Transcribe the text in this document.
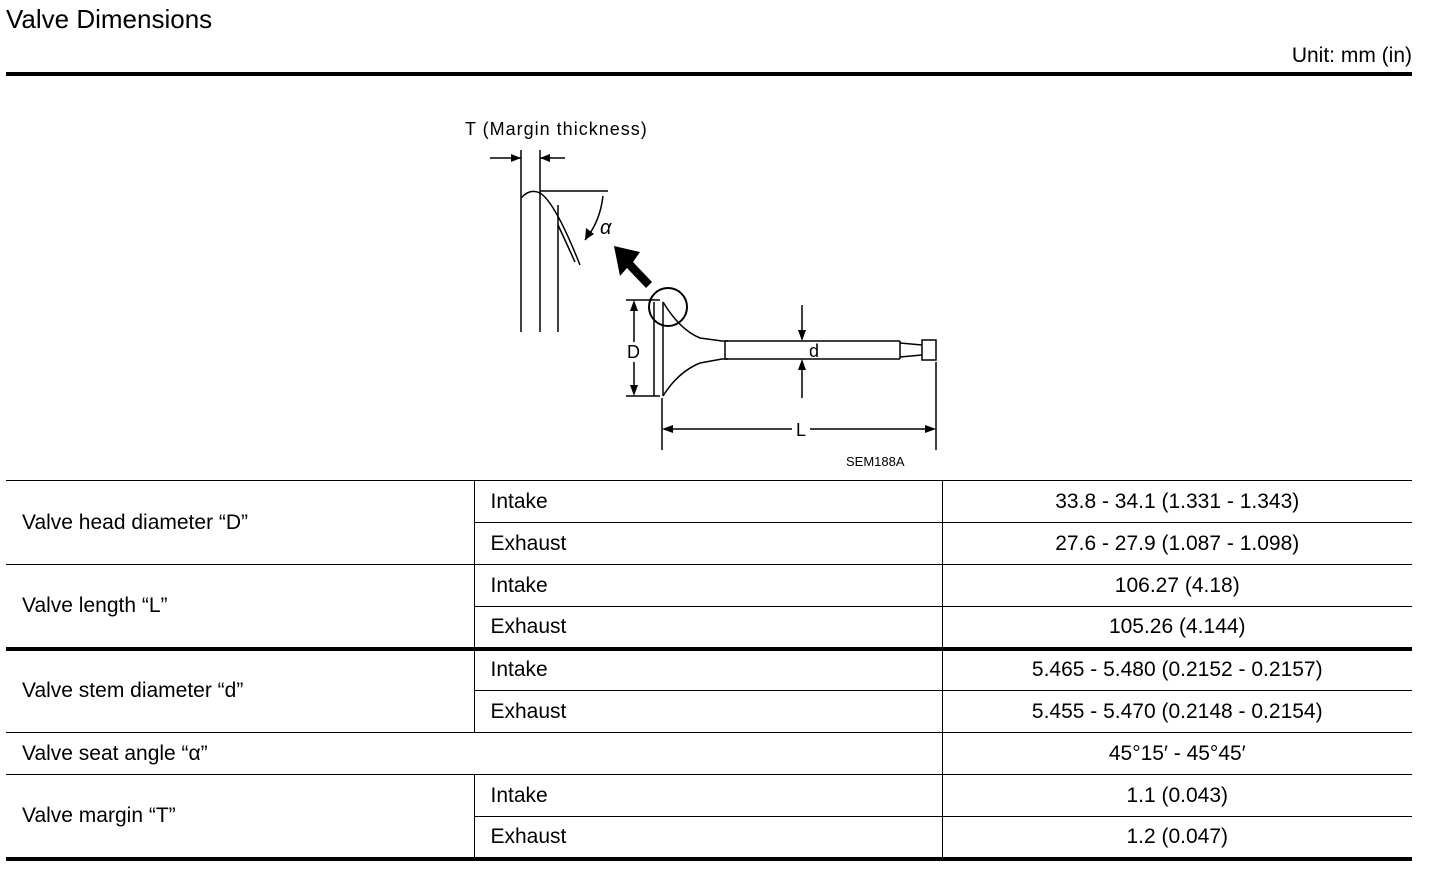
Valve Dimensions
Unit: mm (in)
T (Margin thickness)
α
D	d
L
SEM188A
Valve head diameter “D”	Intake	33.8 - 34.1 (1.331 - 1.343)
	Exhaust	27.6 - 27.9 (1.087 - 1.098)
Valve length “L”	Intake	106.27 (4.18)
	Exhaust	105.26 (4.144)
Valve stem diameter “d”	Intake	5.465 - 5.480 (0.2152 - 0.2157)
	Exhaust	5.455 - 5.470 (0.2148 - 0.2154)
Valve seat angle “α”		45°15′ - 45°45′
Valve margin “T”	Intake	1.1 (0.043)
	Exhaust	1.2 (0.047)
